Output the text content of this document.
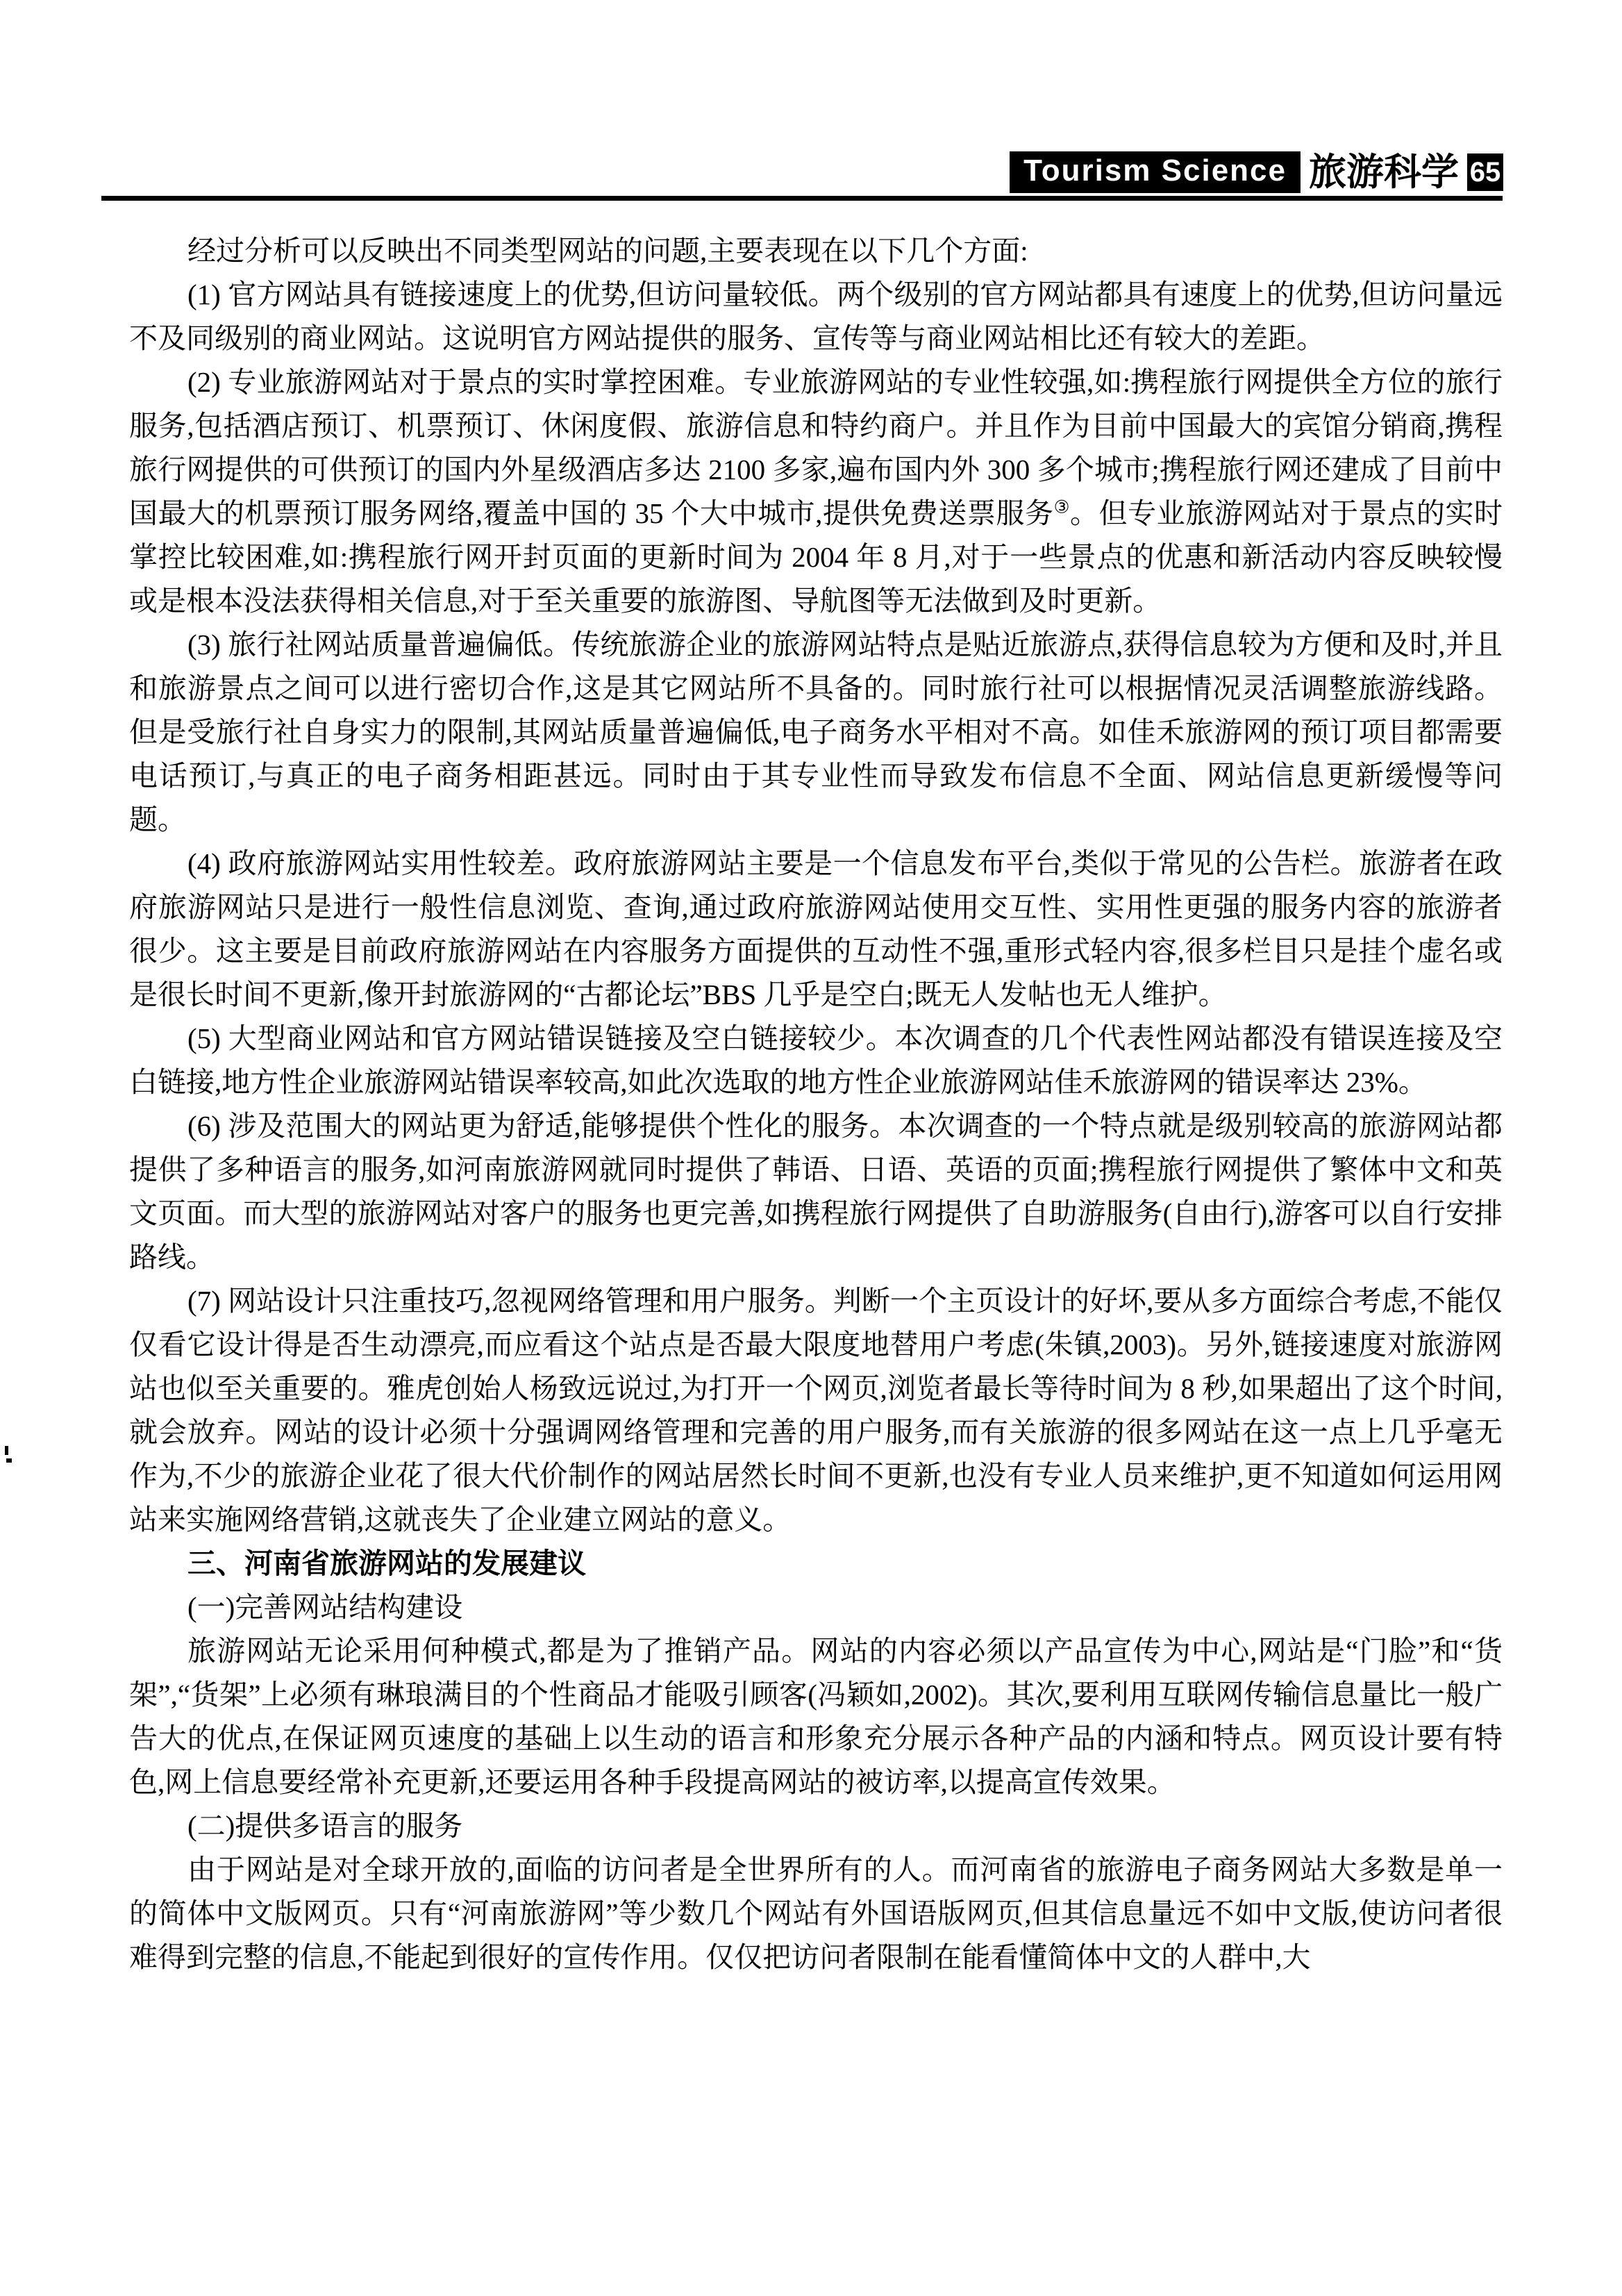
Tourism Science 旅游科学 65

经过分析可以反映出不同类型网站的问题,主要表现在以下几个方面:

(1) 官方网站具有链接速度上的优势,但访问量较低。两个级别的官方网站都具有速度上的优势,但访问量远不及同级别的商业网站。这说明官方网站提供的服务、宣传等与商业网站相比还有较大的差距。

(2) 专业旅游网站对于景点的实时掌控困难。专业旅游网站的专业性较强,如:携程旅行网提供全方位的旅行服务,包括酒店预订、机票预订、休闲度假、旅游信息和特约商户。并且作为目前中国最大的宾馆分销商,携程旅行网提供的可供预订的国内外星级酒店多达 2100 多家,遍布国内外 300 多个城市;携程旅行网还建成了目前中国最大的机票预订服务网络,覆盖中国的 35 个大中城市,提供免费送票服务③。但专业旅游网站对于景点的实时掌控比较困难,如:携程旅行网开封页面的更新时间为 2004 年 8 月,对于一些景点的优惠和新活动内容反映较慢或是根本没法获得相关信息,对于至关重要的旅游图、导航图等无法做到及时更新。

(3) 旅行社网站质量普遍偏低。传统旅游企业的旅游网站特点是贴近旅游点,获得信息较为方便和及时,并且和旅游景点之间可以进行密切合作,这是其它网站所不具备的。同时旅行社可以根据情况灵活调整旅游线路。但是受旅行社自身实力的限制,其网站质量普遍偏低,电子商务水平相对不高。如佳禾旅游网的预订项目都需要电话预订,与真正的电子商务相距甚远。同时由于其专业性而导致发布信息不全面、网站信息更新缓慢等问题。

(4) 政府旅游网站实用性较差。政府旅游网站主要是一个信息发布平台,类似于常见的公告栏。旅游者在政府旅游网站只是进行一般性信息浏览、查询,通过政府旅游网站使用交互性、实用性更强的服务内容的旅游者很少。这主要是目前政府旅游网站在内容服务方面提供的互动性不强,重形式轻内容,很多栏目只是挂个虚名或是很长时间不更新,像开封旅游网的“古都论坛”BBS 几乎是空白;既无人发帖也无人维护。

(5) 大型商业网站和官方网站错误链接及空白链接较少。本次调查的几个代表性网站都没有错误连接及空白链接,地方性企业旅游网站错误率较高,如此次选取的地方性企业旅游网站佳禾旅游网的错误率达 23%。

(6) 涉及范围大的网站更为舒适,能够提供个性化的服务。本次调查的一个特点就是级别较高的旅游网站都提供了多种语言的服务,如河南旅游网就同时提供了韩语、日语、英语的页面;携程旅行网提供了繁体中文和英文页面。而大型的旅游网站对客户的服务也更完善,如携程旅行网提供了自助游服务(自由行),游客可以自行安排路线。

(7) 网站设计只注重技巧,忽视网络管理和用户服务。判断一个主页设计的好坏,要从多方面综合考虑,不能仅仅看它设计得是否生动漂亮,而应看这个站点是否最大限度地替用户考虑(朱镇,2003)。另外,链接速度对旅游网站也似至关重要的。雅虎创始人杨致远说过,为打开一个网页,浏览者最长等待时间为 8 秒,如果超出了这个时间,就会放弃。网站的设计必须十分强调网络管理和完善的用户服务,而有关旅游的很多网站在这一点上几乎毫无作为,不少的旅游企业花了很大代价制作的网站居然长时间不更新,也没有专业人员来维护,更不知道如何运用网站来实施网络营销,这就丧失了企业建立网站的意义。

三、河南省旅游网站的发展建议

(一)完善网站结构建设

旅游网站无论采用何种模式,都是为了推销产品。网站的内容必须以产品宣传为中心,网站是“门脸”和“货架”,“货架”上必须有琳琅满目的个性商品才能吸引顾客(冯颖如,2002)。其次,要利用互联网传输信息量比一般广告大的优点,在保证网页速度的基础上以生动的语言和形象充分展示各种产品的内涵和特点。网页设计要有特色,网上信息要经常补充更新,还要运用各种手段提高网站的被访率,以提高宣传效果。

(二)提供多语言的服务

由于网站是对全球开放的,面临的访问者是全世界所有的人。而河南省的旅游电子商务网站大多数是单一的简体中文版网页。只有“河南旅游网”等少数几个网站有外国语版网页,但其信息量远不如中文版,使访问者很难得到完整的信息,不能起到很好的宣传作用。仅仅把访问者限制在能看懂简体中文的人群中,大
